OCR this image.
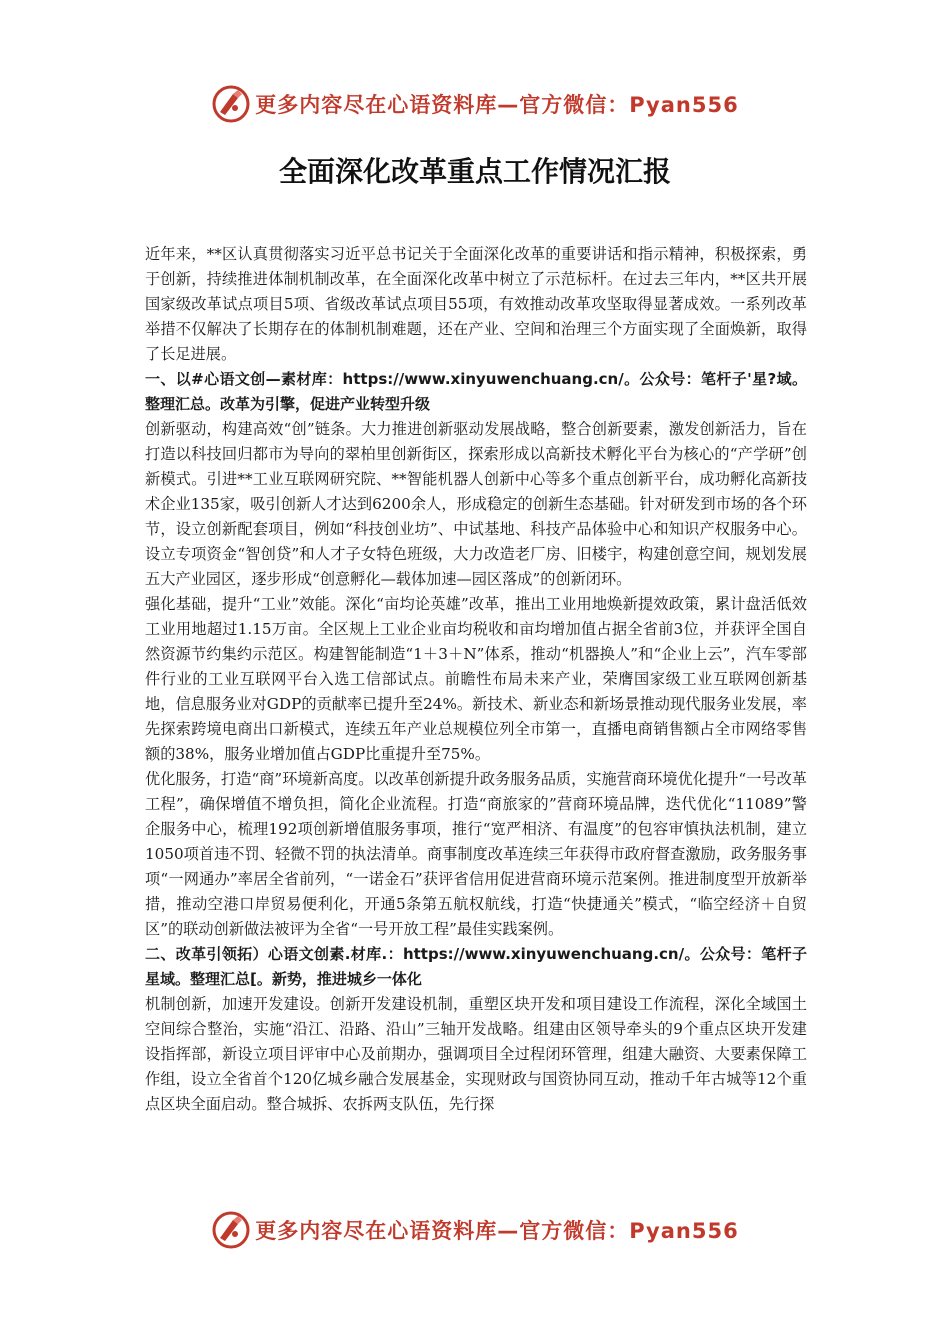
更多内容尽在心语资料库—官方微信：Pyan556
全面深化改革重点工作情况汇报

近年来，**区认真贯彻落实习近平总书记关于全面深化改革的重要讲话和指示精神，积极探索，勇于创新，持续推进体制机制改革，在全面深化改革中树立了示范标杆。在过去三年内，**区共开展国家级改革试点项目5项、省级改革试点项目55项，有效推动改革攻坚取得显著成效。一系列改革举措不仅解决了长期存在的体制机制难题，还在产业、空间和治理三个方面实现了全面焕新，取得了长足进展。

一、以#心语文创—素材库：https://www.xinyuwenchuang.cn/。公众号：笔杆子'星?域。整理汇总。改革为引擎，促进产业转型升级

创新驱动，构建高效“创”链条。大力推进创新驱动发展战略，整合创新要素，激发创新活力，旨在打造以科技回归都市为导向的翠柏里创新街区，探索形成以高新技术孵化平台为核心的“产学研”创新模式。引进**工业互联网研究院、**智能机器人创新中心等多个重点创新平台，成功孵化高新技术企业135家，吸引创新人才达到6200余人，形成稳定的创新生态基础。针对研发到市场的各个环节，设立创新配套项目，例如“科技创业坊”、中试基地、科技产品体验中心和知识产权服务中心。设立专项资金“智创贷”和人才子女特色班级，大力改造老厂房、旧楼宇，构建创意空间，规划发展五大产业园区，逐步形成“创意孵化—载体加速—园区落成”的创新闭环。

强化基础，提升“工业”效能。深化“亩均论英雄”改革，推出工业用地焕新提效政策，累计盘活低效工业用地超过1.15万亩。全区规上工业企业亩均税收和亩均增加值占据全省前3位，并获评全国自然资源节约集约示范区。构建智能制造“1＋3＋N”体系，推动“机器换人”和“企业上云”，汽车零部件行业的工业互联网平台入选工信部试点。前瞻性布局未来产业，荣膺国家级工业互联网创新基地，信息服务业对GDP的贡献率已提升至24%。新技术、新业态和新场景推动现代服务业发展，率先探索跨境电商出口新模式，连续五年产业总规模位列全市第一，直播电商销售额占全市网络零售额的38%，服务业增加值占GDP比重提升至75%。

优化服务，打造“商”环境新高度。以改革创新提升政务服务品质，实施营商环境优化提升“一号改革工程”，确保增值不增负担，简化企业流程。打造“商旅家的”营商环境品牌，迭代优化“11089”警企服务中心，梳理192项创新增值服务事项，推行“宽严相济、有温度”的包容审慎执法机制，建立1050项首违不罚、轻微不罚的执法清单。商事制度改革连续三年获得市政府督查激励，政务服务事项“一网通办”率居全省前列，“一诺金石”获评省信用促进营商环境示范案例。推进制度型开放新举措，推动空港口岸贸易便利化，开通5条第五航权航线，打造“快捷通关”模式，“临空经济＋自贸区”的联动创新做法被评为全省“一号开放工程”最佳实践案例。

二、改革引领拓）心语文创素.材库.：https://www.xinyuwenchuang.cn/。公众号：笔杆子星域。整理汇总[。新势，推进城乡一体化

机制创新，加速开发建设。创新开发建设机制，重塑区块开发和项目建设工作流程，深化全域国土空间综合整治，实施“沿江、沿路、沿山”三轴开发战略。组建由区领导牵头的9个重点区块开发建设指挥部，新设立项目评审中心及前期办，强调项目全过程闭环管理，组建大融资、大要素保障工作组，设立全省首个120亿城乡融合发展基金，实现财政与国资协同互动，推动千年古城等12个重点区块全面启动。整合城拆、农拆两支队伍，先行探

更多内容尽在心语资料库—官方微信：Pyan556
